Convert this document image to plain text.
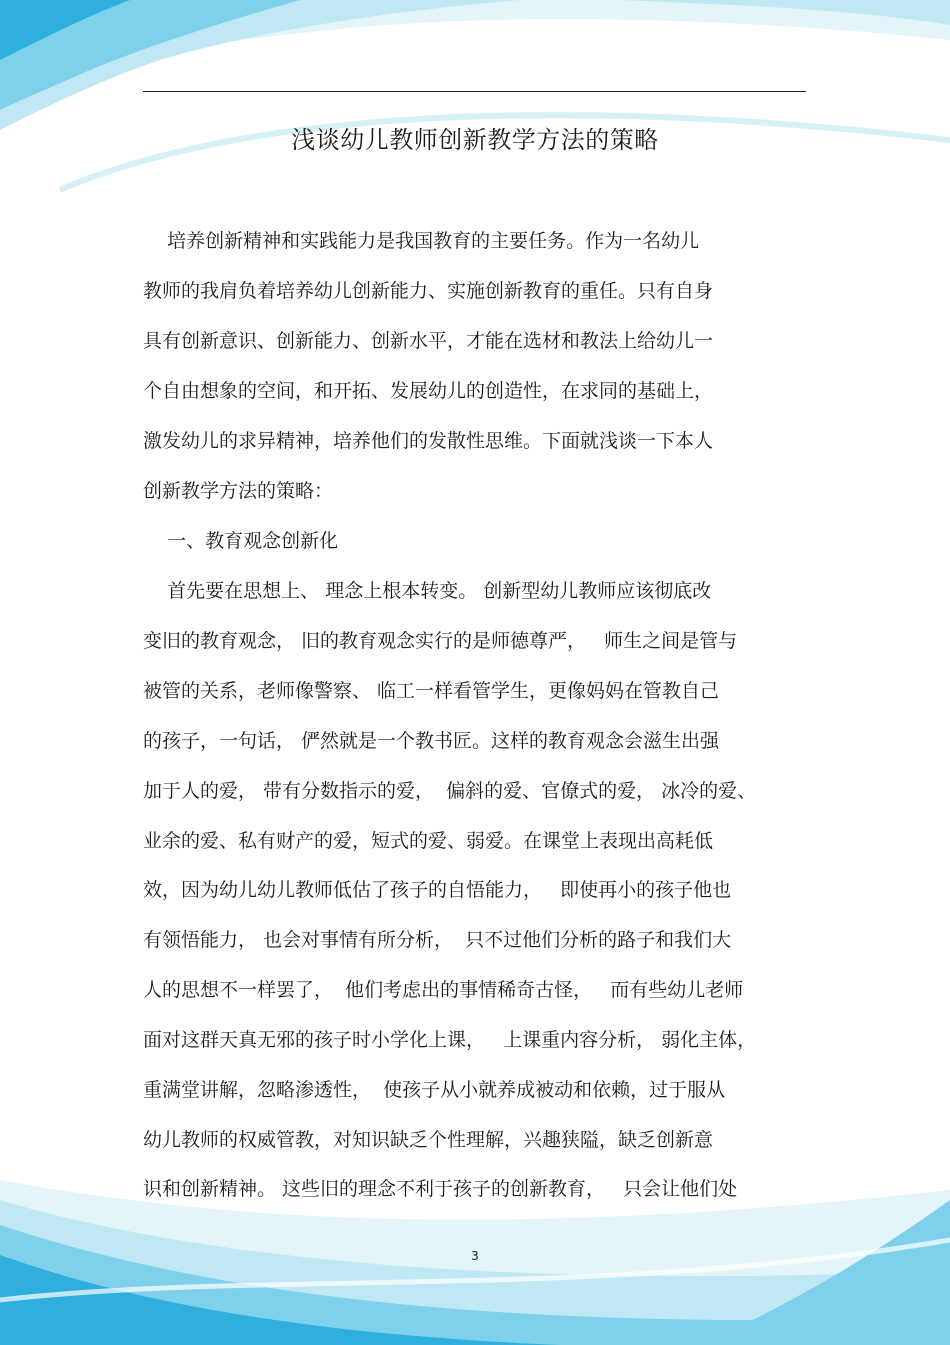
浅谈幼儿教师创新教学方法的策略
培养创新精神和实践能力是我国教育的主要任务。作为一名幼儿
教师的我肩负着培养幼儿创新能力、实施创新教育的重任。只有自身
具有创新意识、创新能力、创新水平，才能在选材和教法上给幼儿一
个自由想象的空间，和开拓、发展幼儿的创造性，在求同的基础上，
激发幼儿的求异精神，培养他们的发散性思维。下面就浅谈一下本人
创新教学方法的策略：
一、教育观念创新化
首先要在思想上、 理念上根本转变。 创新型幼儿教师应该彻底改
变旧的教育观念， 旧的教育观念实行的是师德尊严，   师生之间是管与
被管的关系，老师像警察、 临工一样看管学生，更像妈妈在管教自己
的孩子，一句话， 俨然就是一个教书匠。这样的教育观念会滋生出强
加于人的爱， 带有分数指示的爱，  偏斜的爱、官僚式的爱， 冰冷的爱、
业余的爱、私有财产的爱，短式的爱、弱爱。在课堂上表现出高耗低
效，因为幼儿幼儿教师低估了孩子的自悟能力，   即使再小的孩子他也
有领悟能力， 也会对事情有所分析，  只不过他们分析的路子和我们大
人的思想不一样罢了，  他们考虑出的事情稀奇古怪，   而有些幼儿老师
面对这群天真无邪的孩子时小学化上课，   上课重内容分析， 弱化主体，
重满堂讲解，忽略渗透性，  使孩子从小就养成被动和依赖，过于服从
幼儿教师的权威管教，对知识缺乏个性理解，兴趣狭隘，缺乏创新意
识和创新精神。 这些旧的理念不利于孩子的创新教育，   只会让他们处
3
